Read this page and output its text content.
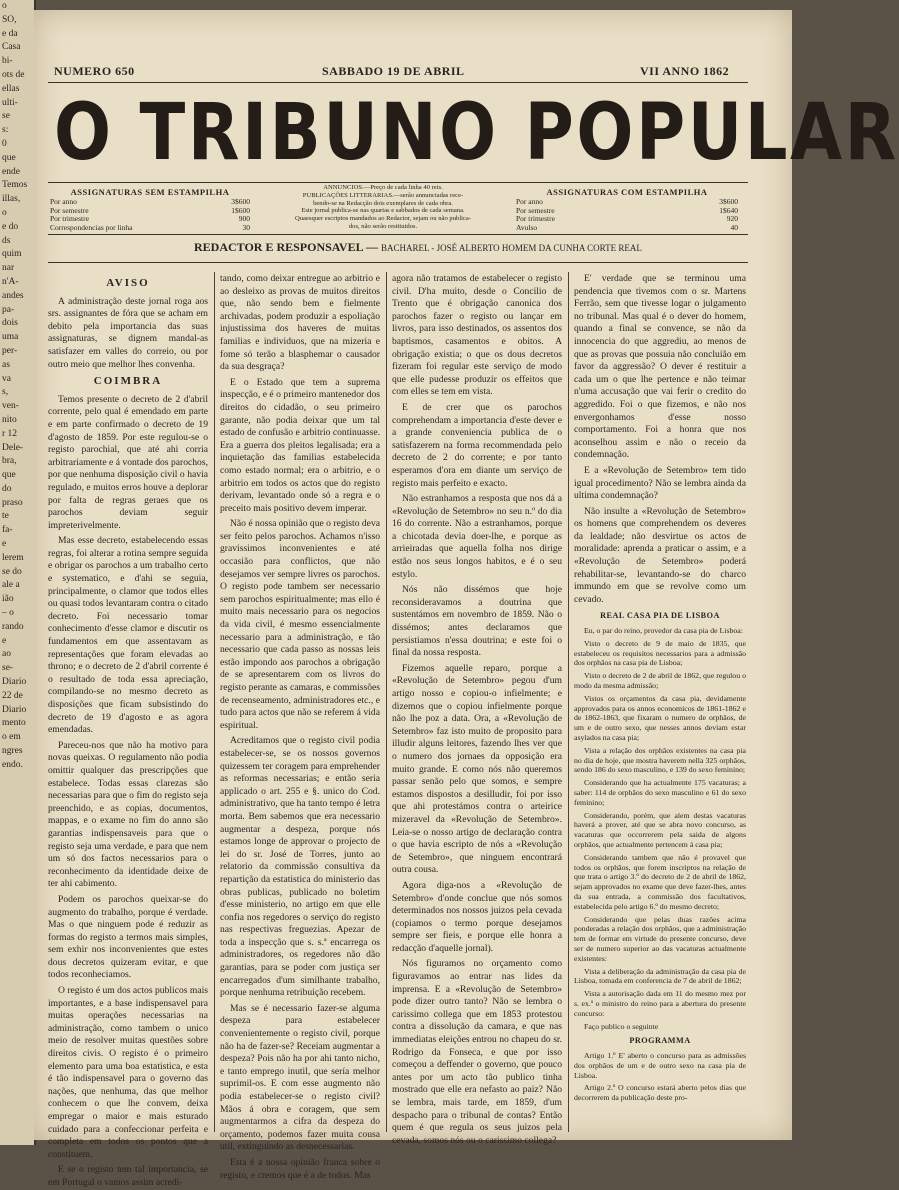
o
SO,
e da
Casa
bi-
ots de
ellas
ulti-
se
s:
0
que
ende
Temos
illas,
o
e do
ds
quim
nar
n'A-
andes
pa-
dois
uma
per-
as
va
s,
ven-
nito
r 12
Dele-
bra,
que
do
praso
te
fa-
e
lerem
se do
ale a
ião
– o
rando
e
ao
se-
Diario
22 de
Diario
mento
o em
ngres
endo.
NUMERO 650	SABBADO 19 DE ABRIL	VII ANNO 1862
O TRIBUNO POPULAR
ASSIGNATURAS SEM ESTAMPILHA
Por anno	3$600
Por semestre	1$600
Por trimestre	900
Correspondencias por linha	30
ANNUNCIOS.—Preço de cada linha 40 reis.
PUBLICAÇÕES LITTERARIAS.—serão annunciadas rece-
bendo-se na Redacção dois exemplares de cada obra.
Este jornal publica-se nas quartas e sabbados de cada semana.
Quaesquer escriptos mandados ao Redactor, sejam ou não publica-
dos, não serão restituidos.
ASSIGNATURAS COM ESTAMPILHA
Por anno	3$600
Por semestre	1$640
Por trimestre	920
Avulso	40
REDACTOR E RESPONSAVEL — BACHAREL - JOSÉ ALBERTO HOMEM DA CUNHA CORTE REAL
AVISO

A administração deste jornal roga aos srs. assignantes de fóra que se acham em debito pela importancia das suas assignaturas, se dignem mandal-as satisfazer em valles do correio, ou por outro meio que melhor lhes convenha.

COIMBRA

Temos presente o decreto de 2 d'abril corrente, pelo qual é emendado em parte e em parte confirmado o decreto de 19 d'agosto de 1859. Por este regulou-se o registo parochial, que até ahi corria arbitrariamente e á vontade dos parochos, por que nenhuma disposição civil o havia regulado, e muitos erros houve a deplorar por falta de regras geraes que os parochos deviam seguir impreterivelmente.

Mas esse decreto, estabelecendo essas regras, foi alterar a rotina sempre seguida e obrigar os parochos a um trabalho certo e systematico, e d'ahi se seguia, principalmente, o clamor que todos elles ou quasi todos levantaram contra o citado decreto. Foi necessario tomar conhecimento d'esse clamor e discutir os fundamentos em que assentavam as representações que foram elevadas ao throno; e o decreto de 2 d'abril corrente é o resultado de toda essa apreciação, compilando-se no mesmo decreto as disposições que ficam subsistindo do decreto de 19 d'agosto e as agora emendadas.

Pareceu-nos que não ha motivo para novas queixas. O regulamento não podia omittir qualquer das prescripções que estabelece. Todas essas clarezas são necessarias para que o fim do registo seja preenchido, e as copias, documentos, mappas, e o exame no fim do anno são garantias indispensaveis para que o registo seja uma verdade, e para que nem um só dos factos necessarios para o reconhecimento da identidade deixe de ter ahi cabimento.

Podem os parochos queixar-se do augmento do trabalho, porque é verdade. Mas o que ninguem pode é reduzir as formas do registo a termos mais simples, sem exhir nos inconvenientes que estes dous decretos quizeram evitar, e que todos reconheciamos.

O registo é um dos actos publicos mais importantes, e a base indispensavel para muitas operações necessarias na administração, como tambem o unico meio de resolver muitas questões sobre direitos civis. O registo é o primeiro elemento para uma boa estatistica, e esta é tão indispensavel para o governo das nações, que nenhuma, das que melhor conhecem o que lhe convem, deixa empregar o maior e mais esturado cuidado para a confeccionar perfeita e completa em todos os pontos que a constituem.

E se o registo tem tal importancia, se em Portugal o vamos assim acredi-

tando, como deixar entregue ao arbitrio e ao desleixo as provas de muitos direitos que, não sendo bem e fielmente archivadas, podem produzir a espoliação injustissima dos haveres de muitas familias e individuos, que na mizeria e fome só terão a blasphemar o causador da sua desgraça?

E o Estado que tem a suprema inspecção, e é o primeiro mantenedor dos direitos do cidadão, o seu primeiro garante, não podia deixar que um tal estado de confusão e arbitrio continuasse. Era a guerra dos pleitos legalisada; era a inquietação das familias estabelecida como estado normal; era o arbitrio, e o arbitrio em todos os actos que do registo derivam, levantado onde só a regra e o preceito mais positivo devem imperar.

Não é nossa opinião que o registo deva ser feito pelos parochos. Achamos n'isso gravissimos inconvenientes e até occasião para conflictos, que não desejamos ver sempre livres os parochos. O registo pode tambem ser necessario sem parochos espiritualmente; mas ello é muito mais necessario para os negocios da vida civil, é mesmo essencialmente necessario para a administração, e tão necessario que cada passo as nossas leis estão impondo aos parochos a obrigação de se apresentarem com os livros do registo perante as camaras, e commissões de recenseamento, administradores etc., e tudo para actos que não se referem á vida espiritual.

Acreditamos que o registo civil podia estabelecer-se, se os nossos governos quizessem ter coragem para emprehender as reformas necessarias; e então seria applicado o art. 255 e §. unico do Cod. administrativo, que ha tanto tempo é letra morta. Bem sabemos que era necessario augmentar a despeza, porque nós estamos longe de approvar o projecto de lei do sr. José de Torres, junto ao relatorio da commissão consultiva da repartição da estatistica do ministerio das obras publicas, publicado no boletim d'esse ministerio, no artigo em que elle confia nos regedores o serviço do registo nas respectivas freguezias. Apezar de toda a inspecção que s. s.ª encarrega os administradores, os regedores não dão garantias, para se poder com justiça ser encarregados d'um similhante trabalho, porque nenhuma retribuição recebem.

Mas se é necessario fazer-se alguma despeza para estabelecer convenientemente o registo civil, porque não ha de fazer-se? Receiam augmentar a despeza? Pois não ha por ahi tanto nicho, e tanto emprego inutil, que sería melhor suprimil-os. E com esse augmento não podia estabelecer-se o registo civil? Mãos á obra e coragem, que sem augmentarmos a cifra da despeza do orçamento, podemos fazer muita cousa util, extinguindo as desnecessarias.

Esta é a nossa opinião franca sobre o registo, e cremos que é a de todos. Mas

agora não tratamos de estabelecer o registo civil. D'ha muito, desde o Concilio de Trento que é obrigação canonica dos parochos fazer o registo ou lançar em livros, para isso destinados, os assentos dos baptismos, casamentos e obitos. A obrigação existia; o que os dous decretos fizeram foi regular este serviço de modo que elle pudesse produzir os effeitos que com elles se tem em vista.

E de crer que os parochos comprehendam a importancia d'este dever e a grande conveniencia publica de o satisfazerem na forma recommendada pelo decreto de 2 do corrente; e por tanto esperamos d'ora em diante um serviço de registo mais perfeito e exacto.

Não estranhamos a resposta que nos dá a «Revolução de Setembro» no seu n.º do dia 16 do corrente. Não a estranhamos, porque a chicotada devia doer-lhe, e porque as arrieiradas que aquella folha nos dirige estão nos seus longos habitos, e é o seu estylo.

Nós não dissémos que hoje reconsideravamos a doutrina que sustentámos em novembro de 1859. Não o dissémos; antes declaramos que persistiamos n'essa doutrina; e este foi o final da nossa resposta.

Fizemos aquelle reparo, porque a «Revolução de Setembro» pegou d'um artigo nosso e copiou-o infielmente; e dizemos que o copiou infielmente porque não lhe poz a data. Ora, a «Revolução de Setembro» faz isto muito de proposito para illudir alguns leitores, fazendo lhes ver que o numero dos jornaes da opposição era muito grande. E como nós não queremos passar senão pelo que somos, e sempre estamos dispostos a desilludir, foi por isso que ahi protestámos contra o arteirice mizeravel da «Revolução de Setembro». Leia-se o nosso artigo de declaração contra o que havia escripto de nós a «Revolução de Setembro», que ninguem encontrará outra cousa.

Agora diga-nos a «Revolução de Setembro» d'onde conclue que nós somos determinados nos nossos juizos pela cevada (copiamos o termo porque desejamos sempre ser fieis, e porque elle honra a redacção d'aquelle jornal).

Nós figuramos no orçamento como figuravamos ao entrar nas lides da imprensa. E a «Revolução de Setembro» pode dizer outro tanto? Não se lembra o carissimo collega que em 1853 protestou contra a dissolução da camara, e que nas immediatas eleições entrou no chapeu do sr. Rodrigo da Fonseca, e que por isso começou a deffender o governo, que pouco antes por um acto tão publico tinha mostrado que elle era nefasto ao paiz? Não se lembra, mais tarde, em 1859, d'um despacho para o tribunal de contas? Então quem é que regula os seus juizos pela cevada, somos nós ou o carissimo collega?

E' verdade que se terminou uma pendencia que tivemos com o sr. Martens Ferrão, sem que tivesse logar o julgamento no tribunal. Mas qual é o dever do homem, quando a final se convence, se não da innocencia do que aggrediu, ao menos de que as provas que possuia não concluião em favor da aggressão? O dever é restituir a cada um o que lhe pertence e não teimar n'uma accusação que vai ferir o credito do aggredido. Foi o que fizemos, e não nos envergonhamos d'esse nosso comportamento. Foi a honra que nos aconselhou assim e não o receio da condemnação.

E a «Revolução de Setembro» tem tido igual procedimento? Não se lembra ainda da ultima condemnação?

Não insulte a «Revolução de Setembro» os homens que comprehendem os deveres da lealdade; não desvirtue os actos de moralidade: aprenda a praticar o assim, e a «Revolução de Setembro» poderá rehabilitar-se, levantando-se do charco immundo em que se revolve como um cevado.

REAL CASA PIA DE LISBOA

Eu, o par do reino, provedor da casa pia de Lisboa:

Visto o decreto de 9 de maio de 1835, que estabeleceu os requisitos necessarios para a admissão dos orphãos na casa pia de Lisboa;

Visto o decreto de 2 de abril de 1862, que regulou o modo da mesma admissão;

Vistos os orçamentos da casa pia, devidamente approvados para os annos economicos de 1861-1862 e de 1862-1863, que fixaram o numero de orphãos, de um e de outro sexo, que nesses annos deviam estar asylados na casa pia;

Vista a relação dos orphãos existentes na casa pia no dia de hoje, que mostra haverem nella 325 orphãos, sendo 186 do sexo masculino, e 139 do sexo feminino;

Considerando que ha actualmente 175 vacaturas; a saber: 114 de orphãos do sexo masculino e 61 do sexo feminino;

Considerando, porém, que alem destas vacaturas haverá a prover, até que se abra novo concurso, as vacaturas que occorrerem pela saida de algons orphãos, que actualmente pertencem á casa pia;

Considerando tambem que não é provavel que todos os orphãos, que forem inscriptos na relação de que trata o artigo 3.º do decreto de 2 de abril de 1862, sejam approvados no exame que deve fazer-lhes, antes da sua entrada, a commissão dos facultativos, estabelecida pelo artigo 6.º do mesmo decreto;

Considerando que pelas duas razões acima ponderadas a relação dos orphãos, que a administração tem de formar em virtude do presente concurso, deve ser de numero superior ao das vacaturas actualmente existentes:

Vista a deliberação da administração da casa pia de Lisboa, tomada em conferencia de 7 de abril de 1862;

Vista a autorisação dada em 11 do mesmo mez por s. ex.ª o ministro do reino para a abertura do presente concurso:

Faço publico o seguinte

PROGRAMMA

Artigo 1.º E' aberto o concurso para as admissões dos orphãos de um e de outro sexo na casa pia de Lisboa.

Artigo 2.º O concurso estará aberto pelos dias que decorrerem da publicação deste pro-
